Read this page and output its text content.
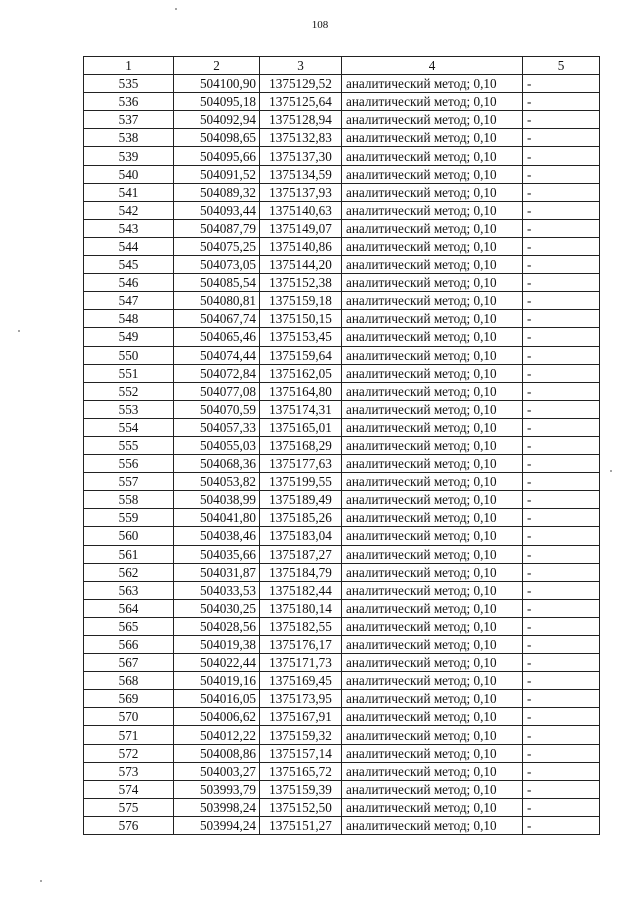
108
1	2	3	4	5
535	504100,90	1375129,52	аналитический метод; 0,10	-
536	504095,18	1375125,64	аналитический метод; 0,10	-
537	504092,94	1375128,94	аналитический метод; 0,10	-
538	504098,65	1375132,83	аналитический метод; 0,10	-
539	504095,66	1375137,30	аналитический метод; 0,10	-
540	504091,52	1375134,59	аналитический метод; 0,10	-
541	504089,32	1375137,93	аналитический метод; 0,10	-
542	504093,44	1375140,63	аналитический метод; 0,10	-
543	504087,79	1375149,07	аналитический метод; 0,10	-
544	504075,25	1375140,86	аналитический метод; 0,10	-
545	504073,05	1375144,20	аналитический метод; 0,10	-
546	504085,54	1375152,38	аналитический метод; 0,10	-
547	504080,81	1375159,18	аналитический метод; 0,10	-
548	504067,74	1375150,15	аналитический метод; 0,10	-
549	504065,46	1375153,45	аналитический метод; 0,10	-
550	504074,44	1375159,64	аналитический метод; 0,10	-
551	504072,84	1375162,05	аналитический метод; 0,10	-
552	504077,08	1375164,80	аналитический метод; 0,10	-
553	504070,59	1375174,31	аналитический метод; 0,10	-
554	504057,33	1375165,01	аналитический метод; 0,10	-
555	504055,03	1375168,29	аналитический метод; 0,10	-
556	504068,36	1375177,63	аналитический метод; 0,10	-
557	504053,82	1375199,55	аналитический метод; 0,10	-
558	504038,99	1375189,49	аналитический метод; 0,10	-
559	504041,80	1375185,26	аналитический метод; 0,10	-
560	504038,46	1375183,04	аналитический метод; 0,10	-
561	504035,66	1375187,27	аналитический метод; 0,10	-
562	504031,87	1375184,79	аналитический метод; 0,10	-
563	504033,53	1375182,44	аналитический метод; 0,10	-
564	504030,25	1375180,14	аналитический метод; 0,10	-
565	504028,56	1375182,55	аналитический метод; 0,10	-
566	504019,38	1375176,17	аналитический метод; 0,10	-
567	504022,44	1375171,73	аналитический метод; 0,10	-
568	504019,16	1375169,45	аналитический метод; 0,10	-
569	504016,05	1375173,95	аналитический метод; 0,10	-
570	504006,62	1375167,91	аналитический метод; 0,10	-
571	504012,22	1375159,32	аналитический метод; 0,10	-
572	504008,86	1375157,14	аналитический метод; 0,10	-
573	504003,27	1375165,72	аналитический метод; 0,10	-
574	503993,79	1375159,39	аналитический метод; 0,10	-
575	503998,24	1375152,50	аналитический метод; 0,10	-
576	503994,24	1375151,27	аналитический метод; 0,10	-
